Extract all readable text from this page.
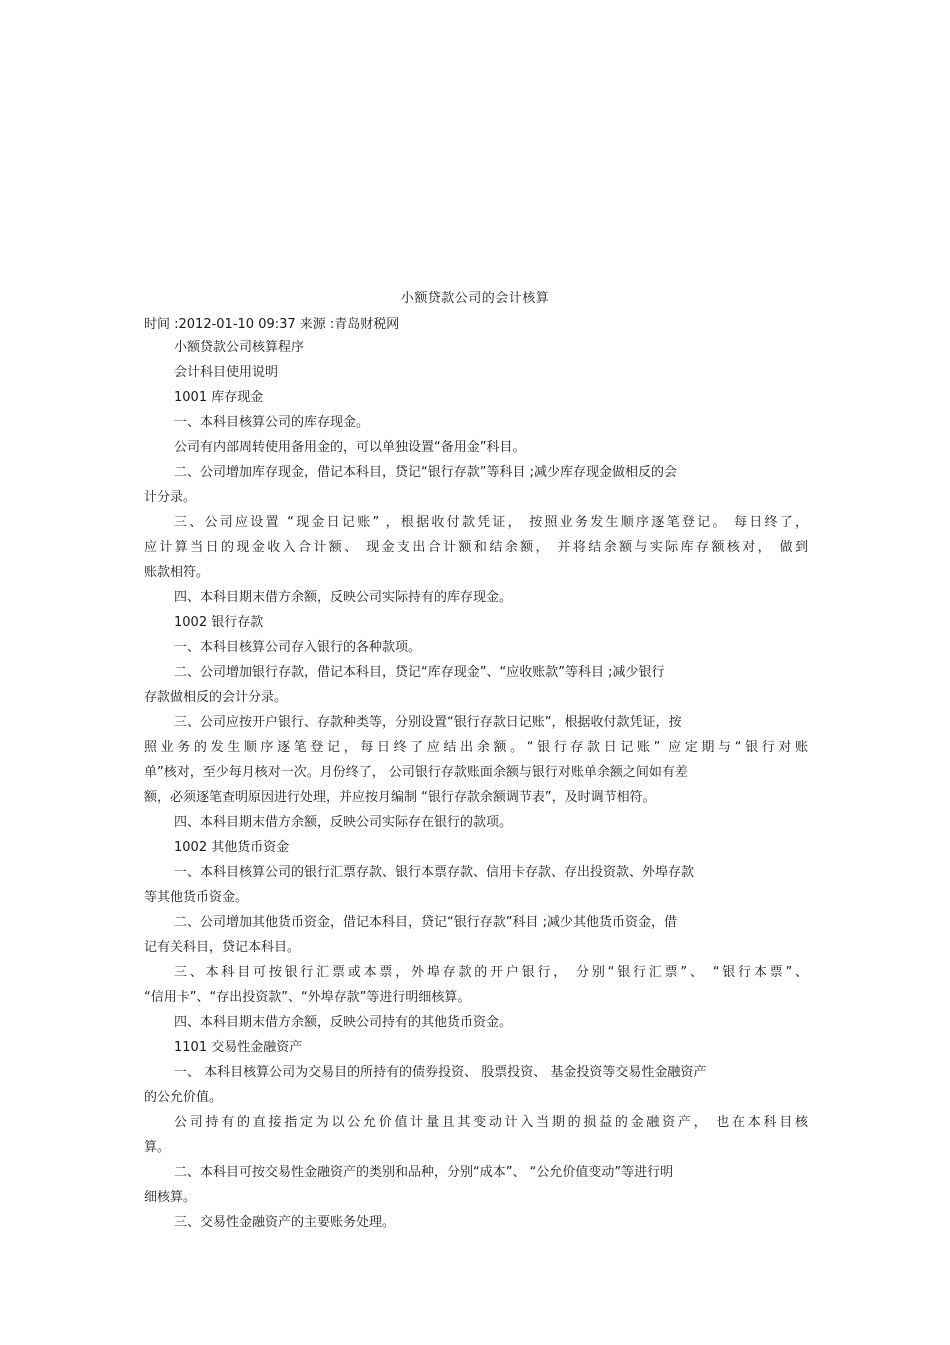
小额贷款公司的会计核算
时间 :2012-01-10 09:37 来源 :青岛财税网
小额贷款公司核算程序
会计科目使用说明
1001 库存现金
一、本科目核算公司的库存现金。
公司有内部周转使用备用金的，可以单独设置“备用金”科目。
二、公司增加库存现金，借记本科目，贷记“银行存款”等科目 ;减少库存现金做相反的会
计分录。
三、公司应设置 “现金日记账” ，根据收付款凭证， 按照业务发生顺序逐笔登记。 每日终了，
应计算当日的现金收入合计额、 现金支出合计额和结余额， 并将结余额与实际库存额核对， 做到
账款相符。
四、本科目期末借方余额，反映公司实际持有的库存现金。
1002 银行存款
一、本科目核算公司存入银行的各种款项。
二、公司增加银行存款，借记本科目，贷记“库存现金”、“应收账款”等科目 ;减少银行
存款做相反的会计分录。
三、公司应按开户银行、存款种类等，分别设置“银行存款日记账”，根据收付款凭证，按
照业务的发生顺序逐笔登记，每日终了应结出余额。“银行存款日记账” 应定期与“银行对账
单”核对，至少每月核对一次。月份终了， 公司银行存款账面余额与银行对账单余额之间如有差
额，必须逐笔查明原因进行处理，并应按月编制 “银行存款余额调节表”，及时调节相符。
四、本科目期末借方余额，反映公司实际存在银行的款项。
1002 其他货币资金
一、本科目核算公司的银行汇票存款、银行本票存款、信用卡存款、存出投资款、外埠存款
等其他货币资金。
二、公司增加其他货币资金，借记本科目，贷记“银行存款”科目 ;减少其他货币资金，借
记有关科目，贷记本科目。
三、本科目可按银行汇票或本票，外埠存款的开户银行， 分别“银行汇票”、 “银行本票”、
“信用卡”、“存出投资款”、“外埠存款”等进行明细核算。
四、本科目期末借方余额，反映公司持有的其他货币资金。
1101 交易性金融资产
一、 本科目核算公司为交易目的所持有的债券投资、 股票投资、 基金投资等交易性金融资产
的公允价值。
公司持有的直接指定为以公允价值计量且其变动计入当期的损益的金融资产， 也在本科目核
算。
二、本科目可按交易性金融资产的类别和品种，分别“成本”、 “公允价值变动”等进行明
细核算。
三、交易性金融资产的主要账务处理。
